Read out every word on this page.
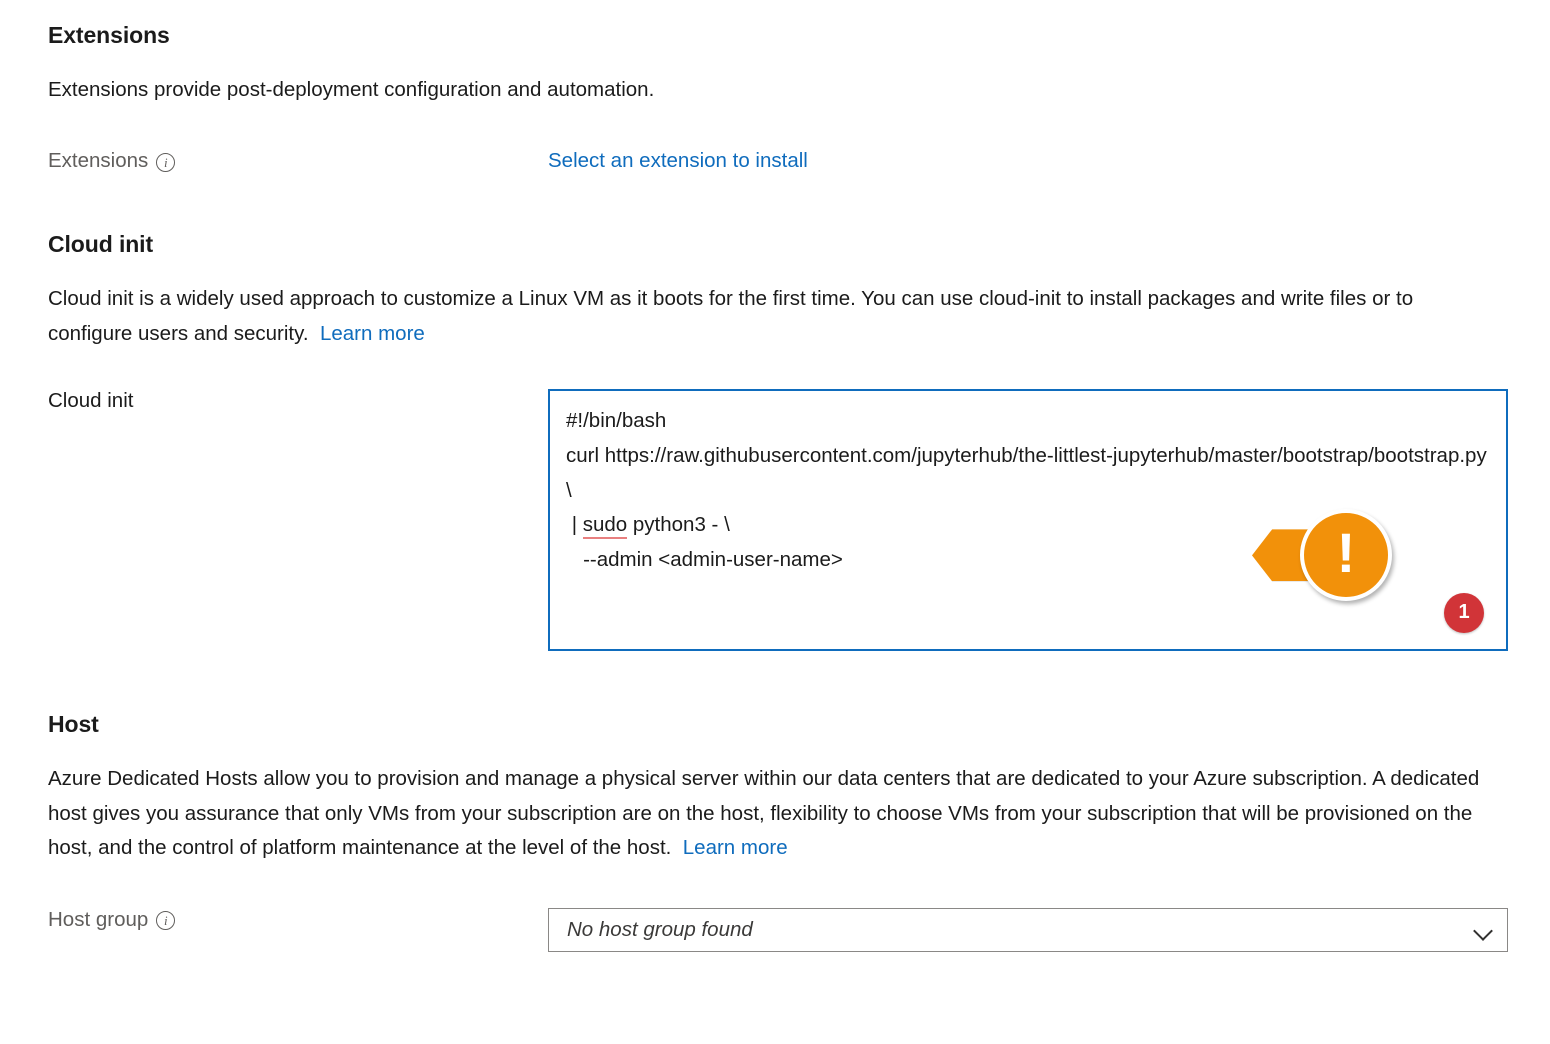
Extensions

Extensions provide post-deployment configuration and automation.

Extensions	i	Select an extension to install
Cloud init

Cloud init is a widely used approach to customize a Linux VM as it boots for the first time. You can use cloud-init to install packages and write files or to configure users and security. Learn more

Cloud init
#!/bin/bash
curl https://raw.githubusercontent.com/jupyterhub/the-littlest-jupyterhub/master/bootstrap/bootstrap.py \
| sudo python3 - \
--admin <admin-user-name>

	!

1

Host

Azure Dedicated Hosts allow you to provision and manage a physical server within our data centers that are dedicated to your Azure subscription. A dedicated host gives you assurance that only VMs from your subscription are on the host, flexibility to choose VMs from your subscription that will be provisioned on the host, and the control of platform maintenance at the level of the host. Learn more

Host group	i	No host group found
